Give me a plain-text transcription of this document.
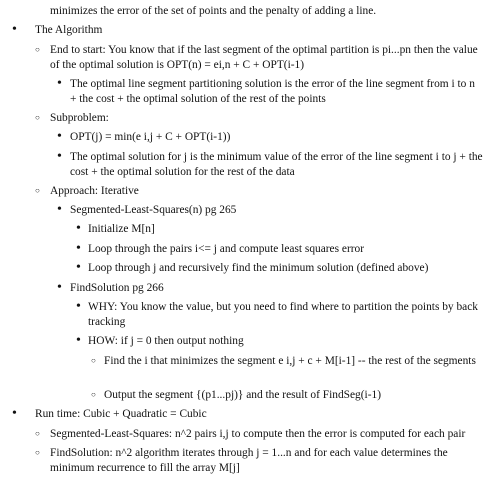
minimizes the error of the set of points and the penalty of adding a line.
• The Algorithm
○ End to start: You know that if the last segment of the optimal partition is pi...pn then the value of the optimal solution is OPT(n) = ei,n + C + OPT(i-1)
• The optimal line segment partitioning solution is the error of the line segment from i to n + the cost + the optimal solution of the rest of the points
○ Subproblem:
• OPT(j) = min(e i,j + C + OPT(i-1))
• The optimal solution for j is the minimum value of the error of the line segment i to j + the cost + the optimal solution for the rest of the data
○ Approach: Iterative
• Segmented-Least-Squares(n) pg 265
• Initialize M[n]
• Loop through the pairs i<= j and compute least squares error
• Loop through j and recursively find the minimum solution (defined above)
• FindSolution pg 266
• WHY: You know the value, but you need to find where to partition the points by back tracking
• HOW: if j = 0 then output nothing
○ Find the i that minimizes the segment e i,j + c + M[i-1] -- the rest of the segments
○ Output the segment {(p1...pj)} and the result of FindSeg(i-1)
• Run time: Cubic + Quadratic = Cubic
○ Segmented-Least-Squares: n^2 pairs i,j to compute then the error is computed for each pair
○ FindSolution: n^2 algorithm iterates through j = 1...n and for each value determines the minimum recurrence to fill the array M[j]
